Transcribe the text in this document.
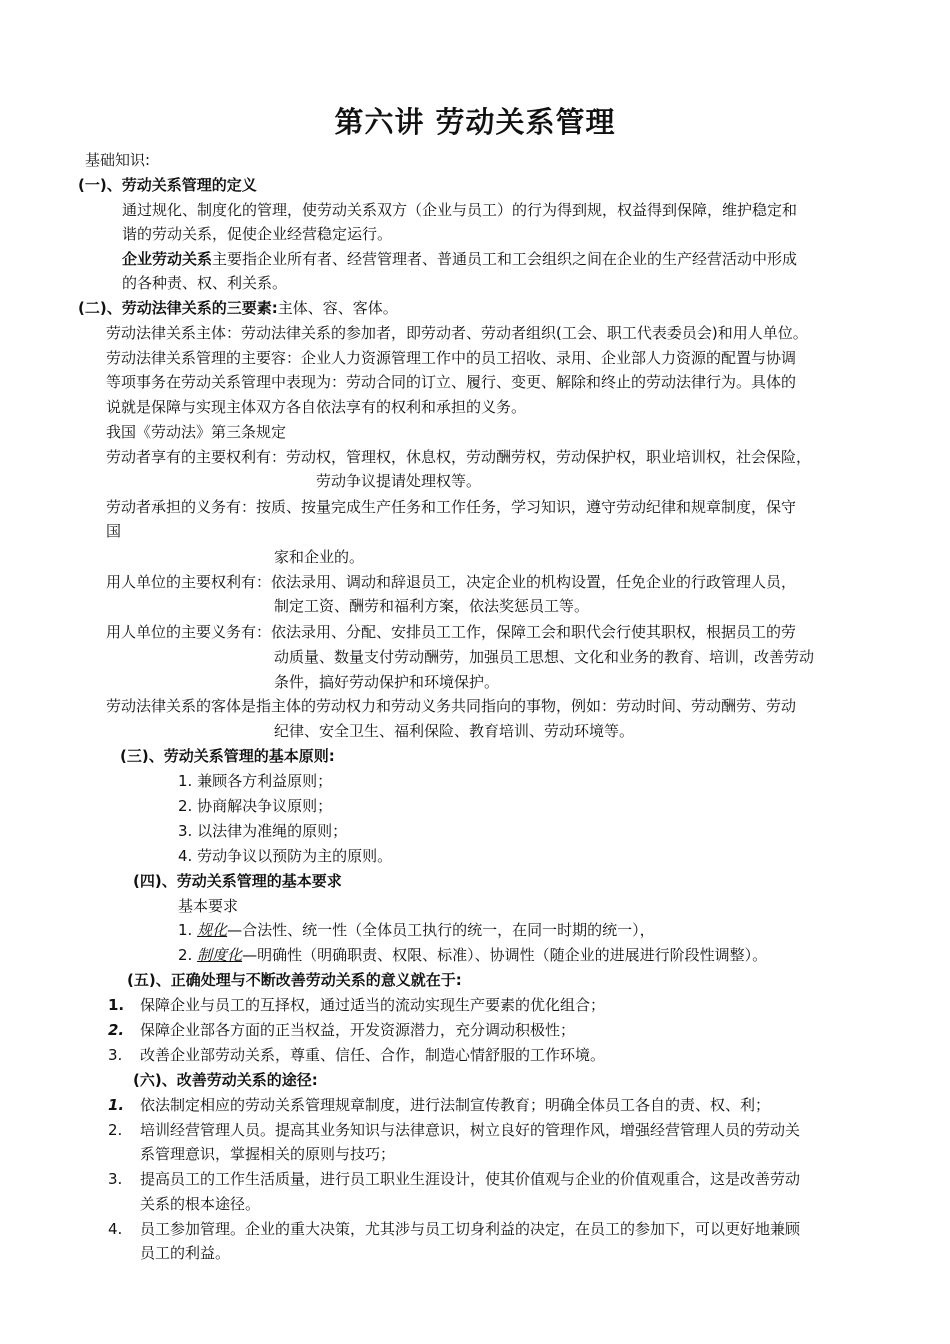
第六讲 劳动关系管理
基础知识:
(一)、劳动关系管理的定义
通过规化、制度化的管理，使劳动关系双方（企业与员工）的行为得到规，权益得到保障，维护稳定和
谐的劳动关系，促使企业经营稳定运行。
企业劳动关系主要指企业所有者、经营管理者、普通员工和工会组织之间在企业的生产经营活动中形成
的各种责、权、利关系。
(二)、劳动法律关系的三要素:主体、容、客体。
劳动法律关系主体：劳动法律关系的参加者，即劳动者、劳动者组织(工会、职工代表委员会)和用人单位。
劳动法律关系管理的主要容：企业人力资源管理工作中的员工招收、录用、企业部人力资源的配置与协调
等项事务在劳动关系管理中表现为：劳动合同的订立、履行、变更、解除和终止的劳动法律行为。具体的
说就是保障与实现主体双方各自依法享有的权利和承担的义务。
我国《劳动法》第三条规定
劳动者享有的主要权利有：劳动权，管理权，休息权，劳动酬劳权，劳动保护权，职业培训权，社会保险，
劳动争议提请处理权等。
劳动者承担的义务有：按质、按量完成生产任务和工作任务，学习知识，遵守劳动纪律和规章制度，保守
国
家和企业的。
用人单位的主要权利有：依法录用、调动和辞退员工，决定企业的机构设置，任免企业的行政管理人员，
制定工资、酬劳和福利方案，依法奖惩员工等。
用人单位的主要义务有：依法录用、分配、安排员工工作，保障工会和职代会行使其职权，根据员工的劳
动质量、数量支付劳动酬劳，加强员工思想、文化和业务的教育、培训，改善劳动
条件，搞好劳动保护和环境保护。
劳动法律关系的客体是指主体的劳动权力和劳动义务共同指向的事物，例如：劳动时间、劳动酬劳、劳动
纪律、安全卫生、福利保险、教育培训、劳动环境等。
(三)、劳动关系管理的基本原则:
1. 兼顾各方利益原则；
2. 协商解决争议原则；
3. 以法律为准绳的原则；
4. 劳动争议以预防为主的原则。
(四)、劳动关系管理的基本要求
基本要求
1. 规化—合法性、统一性（全体员工执行的统一，在同一时期的统一），
2. 制度化—明确性（明确职责、权限、标准）、协调性（随企业的进展进行阶段性调整）。
(五)、正确处理与不断改善劳动关系的意义就在于:
1. 保障企业与员工的互择权，通过适当的流动实现生产要素的优化组合；
2. 保障企业部各方面的正当权益，开发资源潜力，充分调动积极性；
3. 改善企业部劳动关系，尊重、信任、合作，制造心情舒服的工作环境。
(六)、改善劳动关系的途径:
1. 依法制定相应的劳动关系管理规章制度，进行法制宣传教育；明确全体员工各自的责、权、利；
2. 培训经营管理人员。提高其业务知识与法律意识，树立良好的管理作风，增强经营管理人员的劳动关
系管理意识，掌握相关的原则与技巧；
3. 提高员工的工作生活质量，进行员工职业生涯设计，使其价值观与企业的价值观重合，这是改善劳动
关系的根本途径。
4. 员工参加管理。企业的重大决策，尤其涉与员工切身利益的决定，在员工的参加下，可以更好地兼顾
员工的利益。
